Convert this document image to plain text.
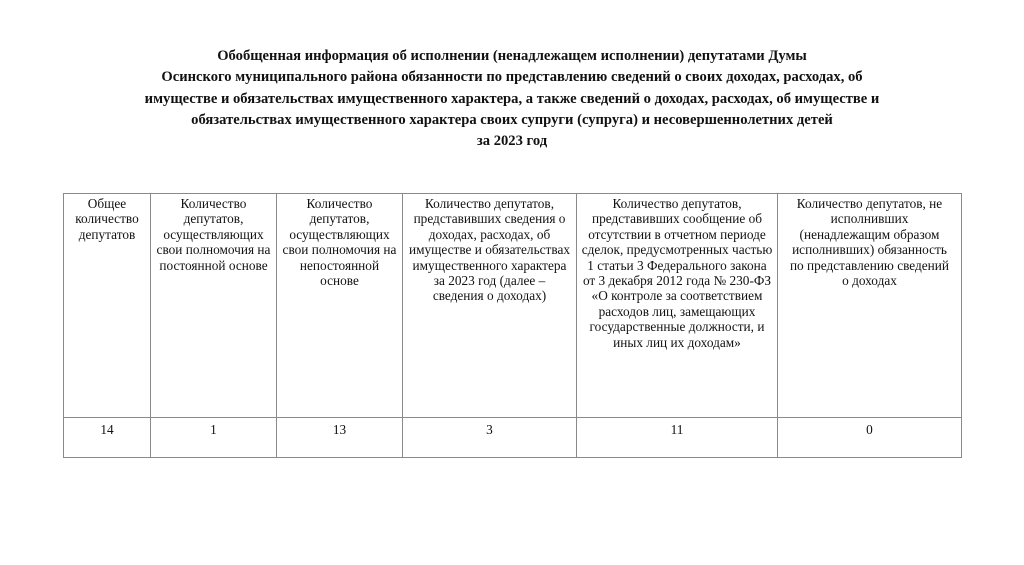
Обобщенная информация об исполнении (ненадлежащем исполнении) депутатами Думы
Осинского муниципального района обязанности по представлению сведений о своих доходах, расходах, об
имуществе и обязательствах имущественного характера, а также сведений о доходах, расходах, об имуществе и
обязательствах имущественного характера своих супруги (супруга) и несовершеннолетних детей
за 2023 год
Общее количество депутатов	Количество депутатов, осуществляющих свои полномочия на постоянной основе	Количество депутатов, осуществляющих свои полномочия на непостоянной основе	Количество депутатов, представивших сведения о доходах, расходах, об имуществе и обязательствах имущественного характера за 2023 год (далее – сведения о доходах)	Количество депутатов, представивших сообщение об отсутствии в отчетном периоде сделок, предусмотренных частью 1 статьи 3 Федерального закона от 3 декабря 2012 года № 230-ФЗ «О контроле за соответствием расходов лиц, замещающих государственные должности, и иных лиц их доходам»	Количество депутатов, не исполнивших (ненадлежащим образом исполнивших) обязанность по представлению сведений о доходах
14	1	13	3	11	0
